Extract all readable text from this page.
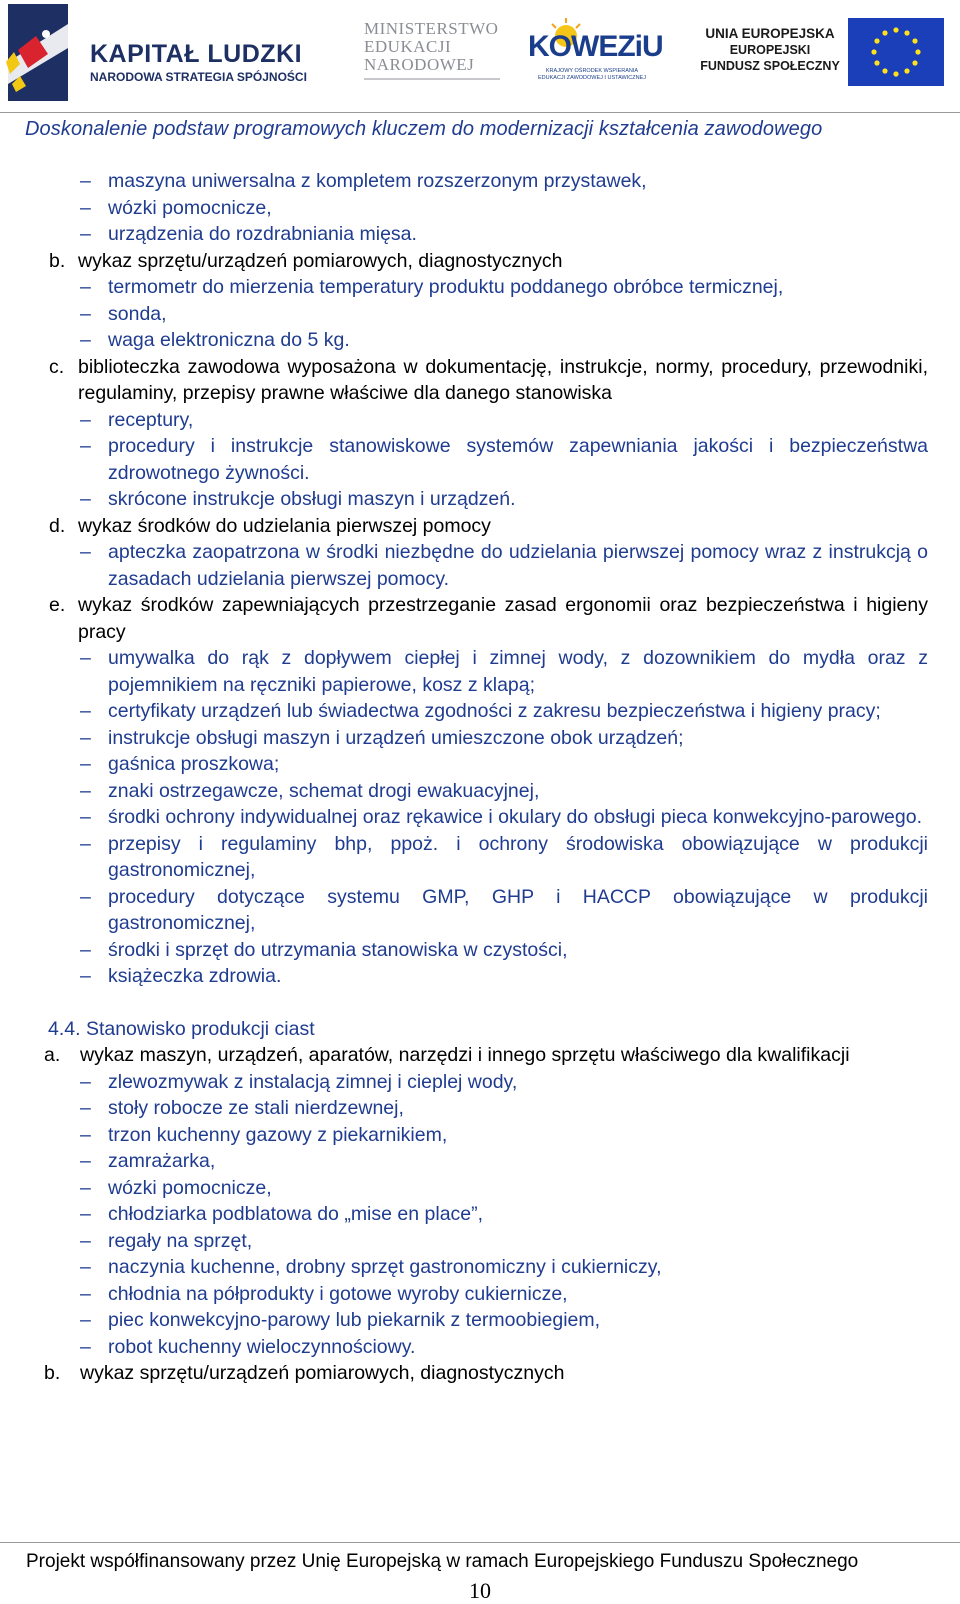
KAPITAŁ LUDZKI
NARODOWA STRATEGIA SPÓJNOŚCI
MINISTERSTWO
EDUKACJI
NARODOWEJ
KOWEZiU
KRAJOWY OŚRODEK WSPIERANIA EDUKACJI ZAWODOWEJ I USTAWICZNEJ
UNIA EUROPEJSKA
EUROPEJSKI
FUNDUSZ SPOŁECZNY
Doskonalenie podstaw programowych kluczem do modernizacji kształcenia zawodowego
– maszyna uniwersalna z kompletem rozszerzonym przystawek,
– wózki pomocnicze,
– urządzenia do rozdrabniania mięsa.
b. wykaz sprzętu/urządzeń pomiarowych, diagnostycznych
– termometr do mierzenia temperatury produktu poddanego obróbce termicznej,
– sonda,
– waga elektroniczna do 5 kg.
c. biblioteczka zawodowa wyposażona w dokumentację, instrukcje, normy, procedury, przewodniki, regulaminy, przepisy prawne właściwe dla danego stanowiska
– receptury,
– procedury i instrukcje stanowiskowe systemów zapewniania jakości i bezpieczeństwa zdrowotnego żywności.
– skrócone instrukcje obsługi maszyn i urządzeń.
d. wykaz środków do udzielania pierwszej pomocy
– apteczka zaopatrzona w środki niezbędne do udzielania pierwszej pomocy wraz z instrukcją o zasadach udzielania pierwszej pomocy.
e. wykaz środków zapewniających przestrzeganie zasad ergonomii oraz bezpieczeństwa i higieny pracy
– umywalka do rąk z dopływem ciepłej i zimnej wody, z dozownikiem do mydła oraz z pojemnikiem na ręczniki papierowe, kosz z klapą;
– certyfikaty urządzeń lub świadectwa zgodności z zakresu bezpieczeństwa i higieny pracy;
– instrukcje obsługi maszyn i urządzeń umieszczone obok urządzeń;
– gaśnica proszkowa;
– znaki ostrzegawcze, schemat drogi ewakuacyjnej,
– środki ochrony indywidualnej oraz rękawice i okulary do obsługi pieca konwekcyjno-parowego.
– przepisy i regulaminy bhp, ppoż. i ochrony środowiska obowiązujące w produkcji gastronomicznej,
– procedury dotyczące systemu GMP, GHP i HACCP obowiązujące w produkcji gastronomicznej,
– środki i sprzęt do utrzymania stanowiska w czystości,
– książeczka zdrowia.
4.4. Stanowisko produkcji ciast
a. wykaz maszyn, urządzeń, aparatów, narzędzi i innego sprzętu właściwego dla kwalifikacji
– zlewozmywak z instalacją zimnej i cieplej wody,
– stoły robocze ze stali nierdzewnej,
– trzon kuchenny gazowy z piekarnikiem,
– zamrażarka,
– wózki pomocnicze,
– chłodziarka podblatowa do „mise en place”,
– regały na sprzęt,
– naczynia kuchenne, drobny sprzęt gastronomiczny i cukierniczy,
– chłodnia na półprodukty i gotowe wyroby cukiernicze,
– piec konwekcyjno-parowy lub piekarnik z termoobiegiem,
– robot kuchenny wieloczynnościowy.
b. wykaz sprzętu/urządzeń pomiarowych, diagnostycznych
Projekt współfinansowany przez Unię Europejską w ramach Europejskiego Funduszu Społecznego
10
